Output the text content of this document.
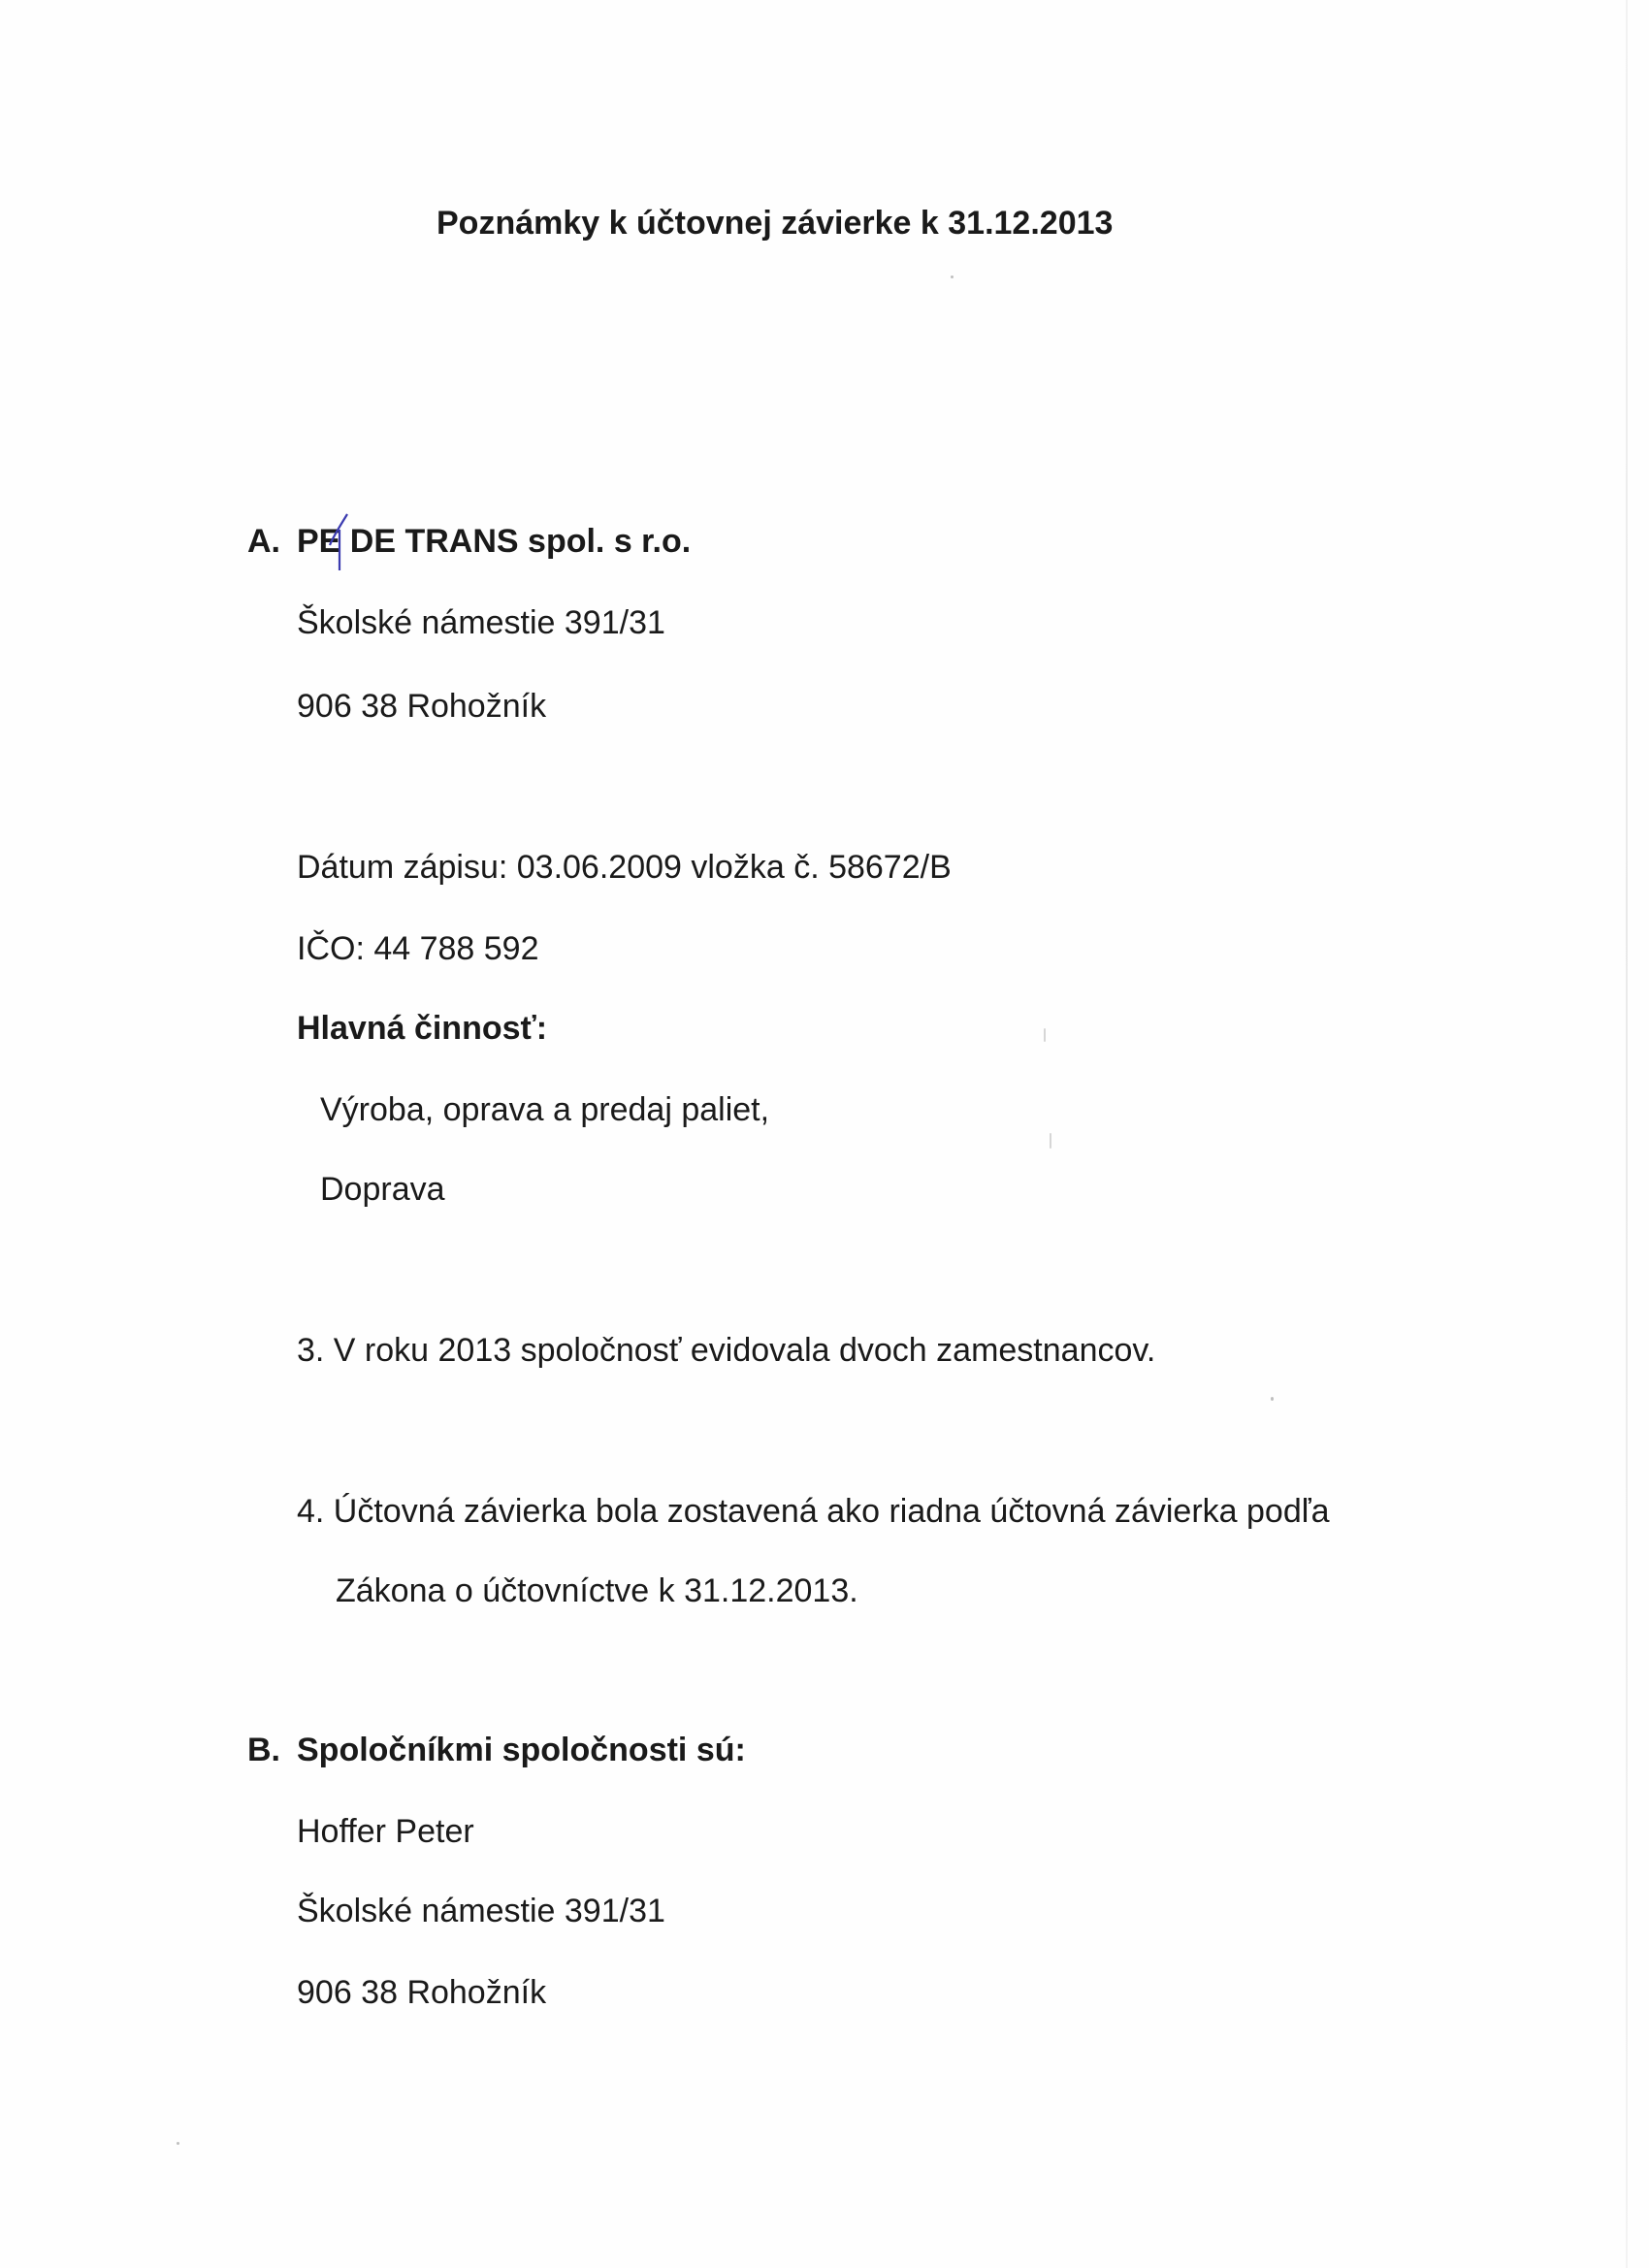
Poznámky k účtovnej závierke k 31.12.2013
A. PE DE TRANS spol. s r.o.
Školské námestie 391/31
906 38 Rohožník
Dátum zápisu: 03.06.2009 vložka č. 58672/B
IČO: 44 788 592
Hlavná činnosť:
Výroba, oprava a predaj paliet,
Doprava
3. V roku 2013 spoločnosť evidovala dvoch zamestnancov.
4. Účtovná závierka bola zostavená ako riadna účtovná závierka podľa
Zákona o účtovníctve k 31.12.2013.
B. Spoločníkmi spoločnosti sú:
Hoffer Peter
Školské námestie 391/31
906 38 Rohožník
